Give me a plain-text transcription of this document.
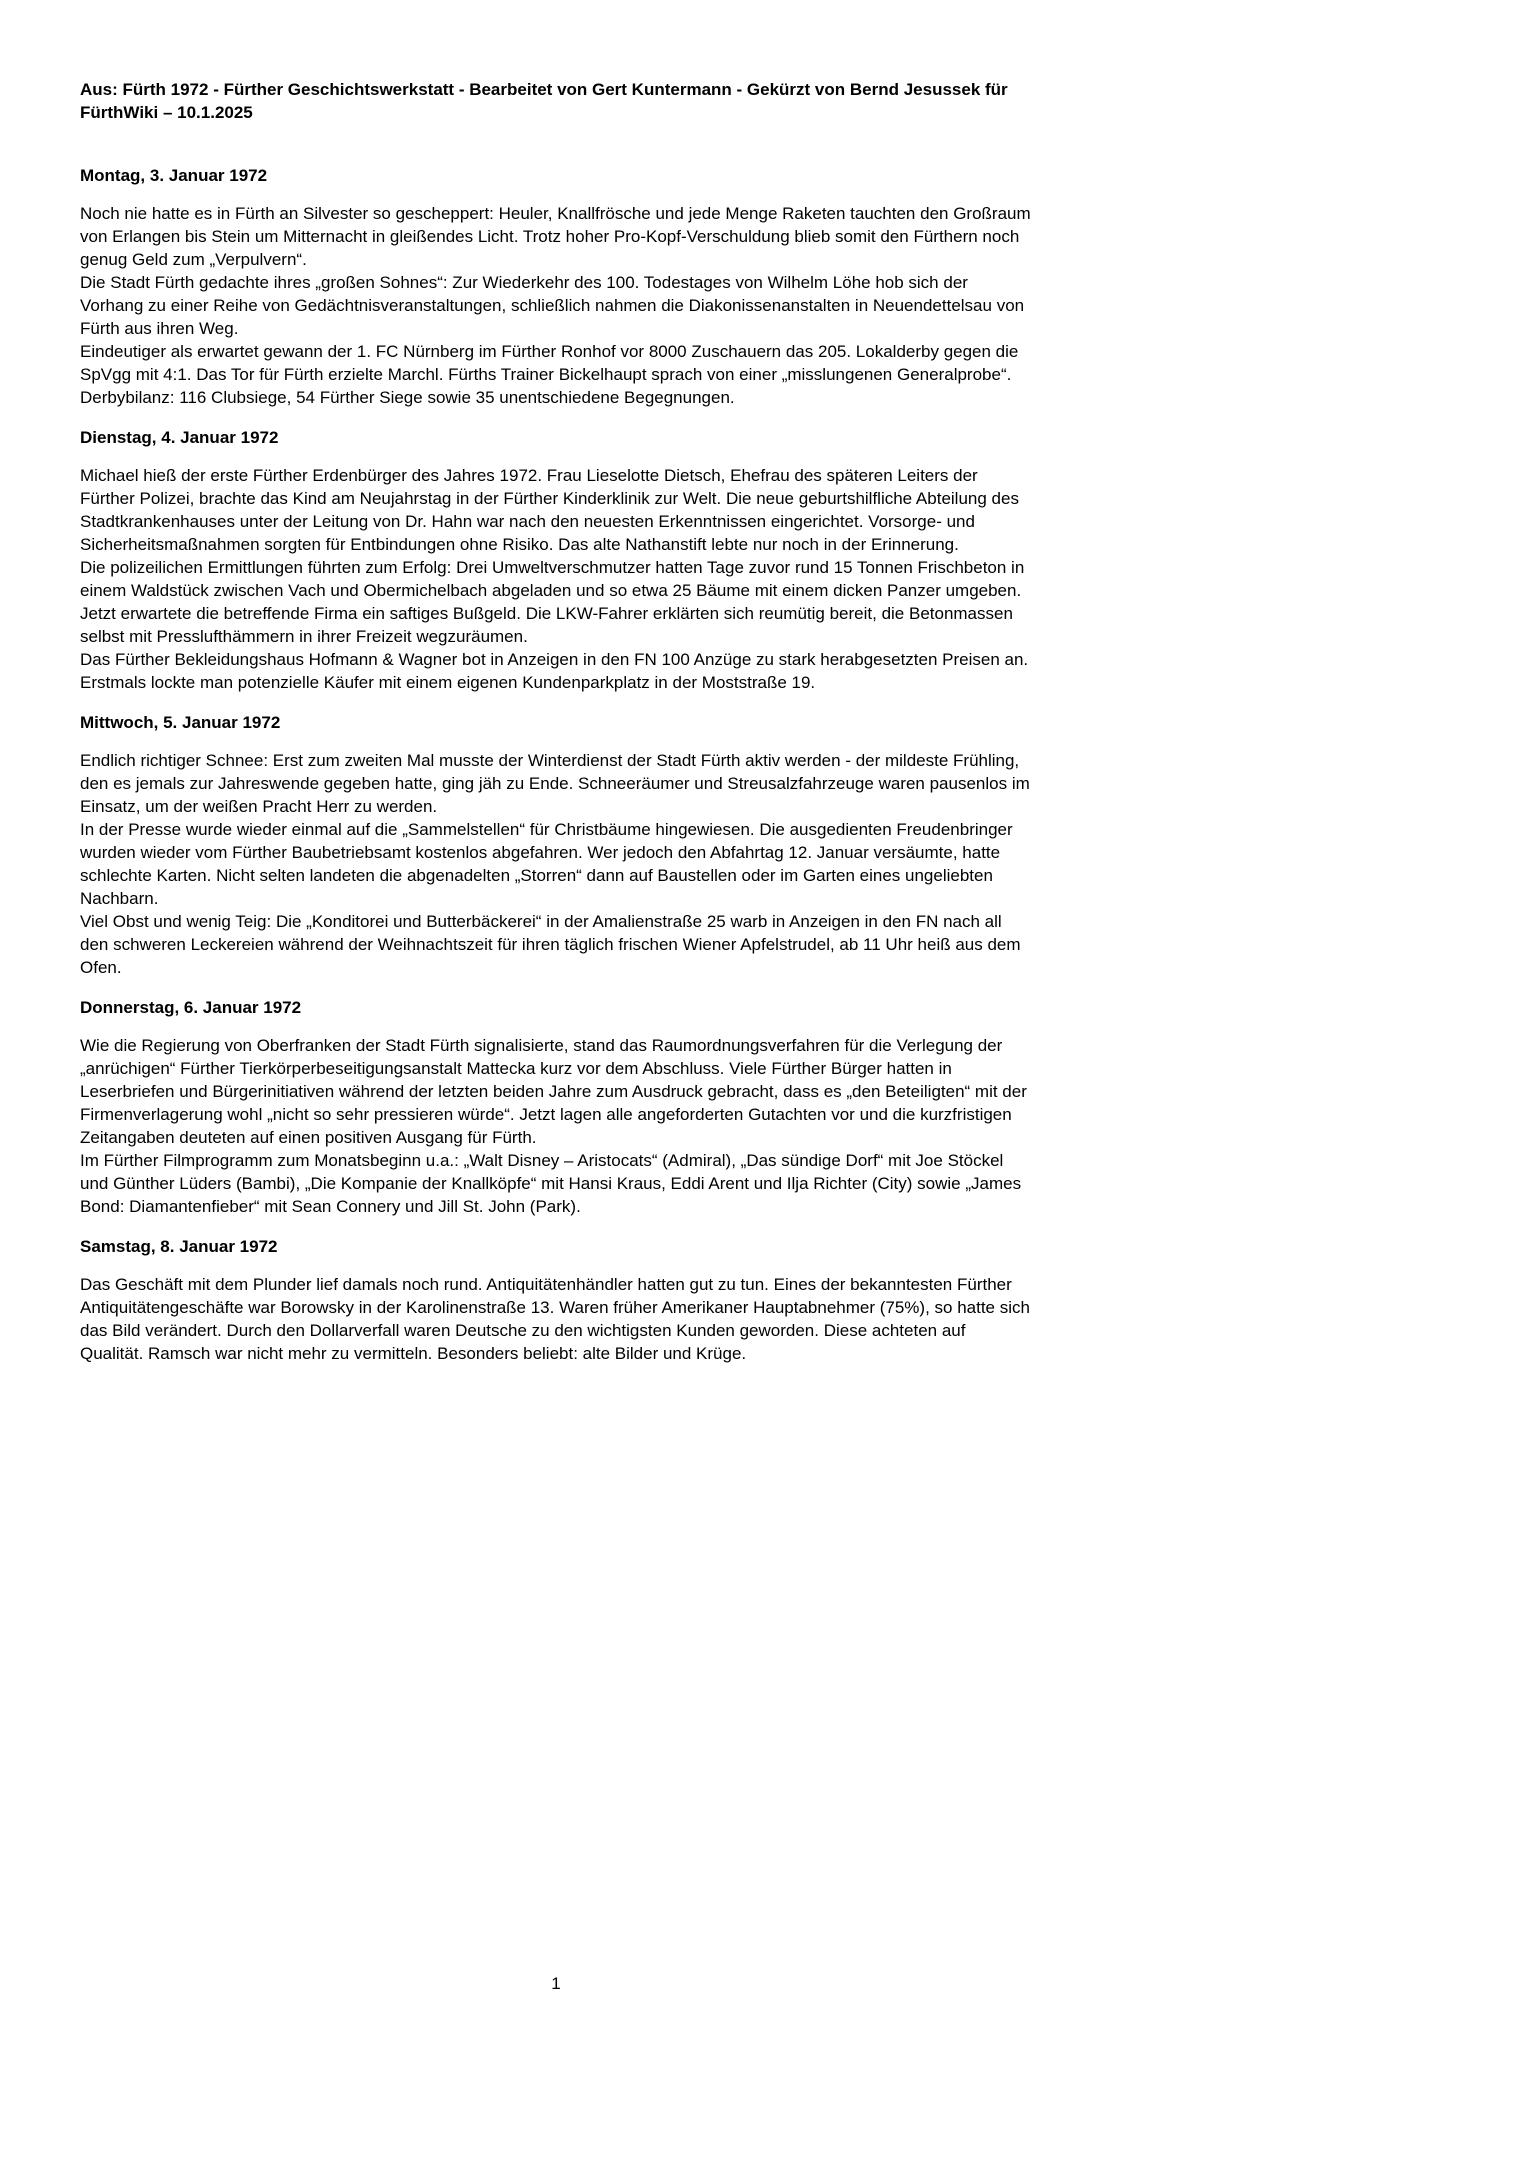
Aus: Fürth 1972 - Fürther Geschichtswerkstatt - Bearbeitet von Gert Kuntermann - Gekürzt von Bernd Jesussek für FürthWiki – 10.1.2025

Montag, 3. Januar 1972

Noch nie hatte es in Fürth an Silvester so gescheppert: Heuler, Knallfrösche und jede Menge Raketen tauchten den Großraum von Erlangen bis Stein um Mitternacht in gleißendes Licht. Trotz hoher Pro-Kopf-Verschuldung blieb somit den Fürthern noch genug Geld zum „Verpulvern“.

Die Stadt Fürth gedachte ihres „großen Sohnes“: Zur Wiederkehr des 100. Todestages von Wilhelm Löhe hob sich der Vorhang zu einer Reihe von Gedächtnisveranstaltungen, schließlich nahmen die Diakonissenanstalten in Neuendettelsau von Fürth aus ihren Weg.

Eindeutiger als erwartet gewann der 1. FC Nürnberg im Fürther Ronhof vor 8000 Zuschauern das 205. Lokalderby gegen die SpVgg mit 4:1. Das Tor für Fürth erzielte Marchl. Fürths Trainer Bickelhaupt sprach von einer „misslungenen Generalprobe“. Derbybilanz: 116 Clubsiege, 54 Fürther Siege sowie 35 unentschiedene Begegnungen.

Dienstag, 4. Januar 1972

Michael hieß der erste Fürther Erdenbürger des Jahres 1972. Frau Lieselotte Dietsch, Ehefrau des späteren Leiters der Fürther Polizei, brachte das Kind am Neujahrstag in der Fürther Kinderklinik zur Welt. Die neue geburtshilfliche Abteilung des Stadtkrankenhauses unter der Leitung von Dr. Hahn war nach den neuesten Erkenntnissen eingerichtet. Vorsorge- und Sicherheitsmaßnahmen sorgten für Entbindungen ohne Risiko. Das alte Nathanstift lebte nur noch in der Erinnerung.

Die polizeilichen Ermittlungen führten zum Erfolg: Drei Umweltverschmutzer hatten Tage zuvor rund 15 Tonnen Frischbeton in einem Waldstück zwischen Vach und Obermichelbach abgeladen und so etwa 25 Bäume mit einem dicken Panzer umgeben. Jetzt erwartete die betreffende Firma ein saftiges Bußgeld. Die LKW-Fahrer erklärten sich reumütig bereit, die Betonmassen selbst mit Presslufthämmern in ihrer Freizeit wegzuräumen.

Das Fürther Bekleidungshaus Hofmann & Wagner bot in Anzeigen in den FN 100 Anzüge zu stark herabgesetzten Preisen an. Erstmals lockte man potenzielle Käufer mit einem eigenen Kundenparkplatz in der Moststraße 19.

Mittwoch, 5. Januar 1972

Endlich richtiger Schnee: Erst zum zweiten Mal musste der Winterdienst der Stadt Fürth aktiv werden - der mildeste Frühling, den es jemals zur Jahreswende gegeben hatte, ging jäh zu Ende. Schneeräumer und Streusalzfahrzeuge waren pausenlos im Einsatz, um der weißen Pracht Herr zu werden.

In der Presse wurde wieder einmal auf die „Sammelstellen“ für Christbäume hingewiesen. Die ausgedienten Freudenbringer wurden wieder vom Fürther Baubetriebsamt kostenlos abgefahren. Wer jedoch den Abfahrtag 12. Januar versäumte, hatte schlechte Karten. Nicht selten landeten die abgenadelten „Storren“ dann auf Baustellen oder im Garten eines ungeliebten Nachbarn.

Viel Obst und wenig Teig: Die „Konditorei und Butterbäckerei“ in der Amalienstraße 25 warb in Anzeigen in den FN nach all den schweren Leckereien während der Weihnachtszeit für ihren täglich frischen Wiener Apfelstrudel, ab 11 Uhr heiß aus dem Ofen.

Donnerstag, 6. Januar 1972

Wie die Regierung von Oberfranken der Stadt Fürth signalisierte, stand das Raumordnungsverfahren für die Verlegung der „anrüchigen“ Fürther Tierkörperbeseitigungsanstalt Mattecka kurz vor dem Abschluss. Viele Fürther Bürger hatten in Leserbriefen und Bürgerinitiativen während der letzten beiden Jahre zum Ausdruck gebracht, dass es „den Beteiligten“ mit der Firmenverlagerung wohl „nicht so sehr pressieren würde“. Jetzt lagen alle angeforderten Gutachten vor und die kurzfristigen Zeitangaben deuteten auf einen positiven Ausgang für Fürth.

Im Fürther Filmprogramm zum Monatsbeginn u.a.: „Walt Disney – Aristocats“ (Admiral), „Das sündige Dorf“ mit Joe Stöckel und Günther Lüders (Bambi), „Die Kompanie der Knallköpfe“ mit Hansi Kraus, Eddi Arent und Ilja Richter (City) sowie „James Bond: Diamantenfieber“ mit Sean Connery und Jill St. John (Park).

Samstag, 8. Januar 1972

Das Geschäft mit dem Plunder lief damals noch rund. Antiquitätenhändler hatten gut zu tun. Eines der bekanntesten Fürther Antiquitätengeschäfte war Borowsky in der Karolinenstraße 13. Waren früher Amerikaner Hauptabnehmer (75%), so hatte sich das Bild verändert. Durch den Dollarverfall waren Deutsche zu den wichtigsten Kunden geworden. Diese achteten auf Qualität. Ramsch war nicht mehr zu vermitteln. Besonders beliebt: alte Bilder und Krüge.

1
